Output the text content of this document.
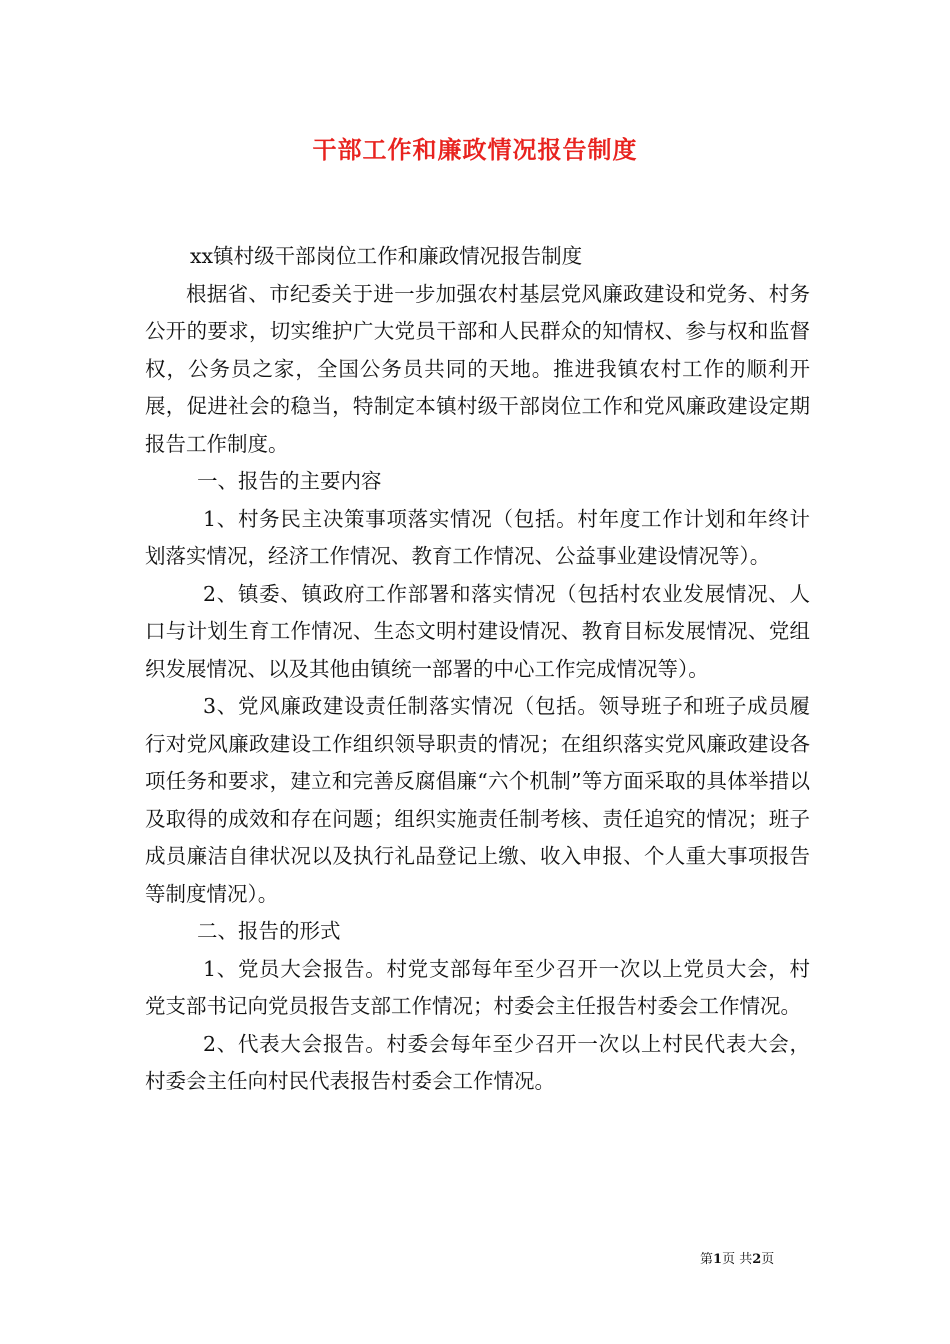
干部工作和廉政情况报告制度

xx镇村级干部岗位工作和廉政情况报告制度

根据省、市纪委关于进一步加强农村基层党风廉政建设和党务、村务公开的要求，切实维护广大党员干部和人民群众的知情权、参与权和监督权，公务员之家，全国公务员共同的天地。推进我镇农村工作的顺利开展，促进社会的稳当，特制定本镇村级干部岗位工作和党风廉政建设定期报告工作制度。

一、报告的主要内容

1、村务民主决策事项落实情况（包括。村年度工作计划和年终计划落实情况，经济工作情况、教育工作情况、公益事业建设情况等）。

2、镇委、镇政府工作部署和落实情况（包括村农业发展情况、人口与计划生育工作情况、生态文明村建设情况、教育目标发展情况、党组织发展情况、以及其他由镇统一部署的中心工作完成情况等）。

3、党风廉政建设责任制落实情况（包括。领导班子和班子成员履行对党风廉政建设工作组织领导职责的情况；在组织落实党风廉政建设各项任务和要求，建立和完善反腐倡廉“六个机制”等方面采取的具体举措以及取得的成效和存在问题；组织实施责任制考核、责任追究的情况；班子成员廉洁自律状况以及执行礼品登记上缴、收入申报、个人重大事项报告等制度情况）。

二、报告的形式

1、党员大会报告。村党支部每年至少召开一次以上党员大会，村党支部书记向党员报告支部工作情况；村委会主任报告村委会工作情况。

2、代表大会报告。村委会每年至少召开一次以上村民代表大会，村委会主任向村民代表报告村委会工作情况。

第1页 共2页
